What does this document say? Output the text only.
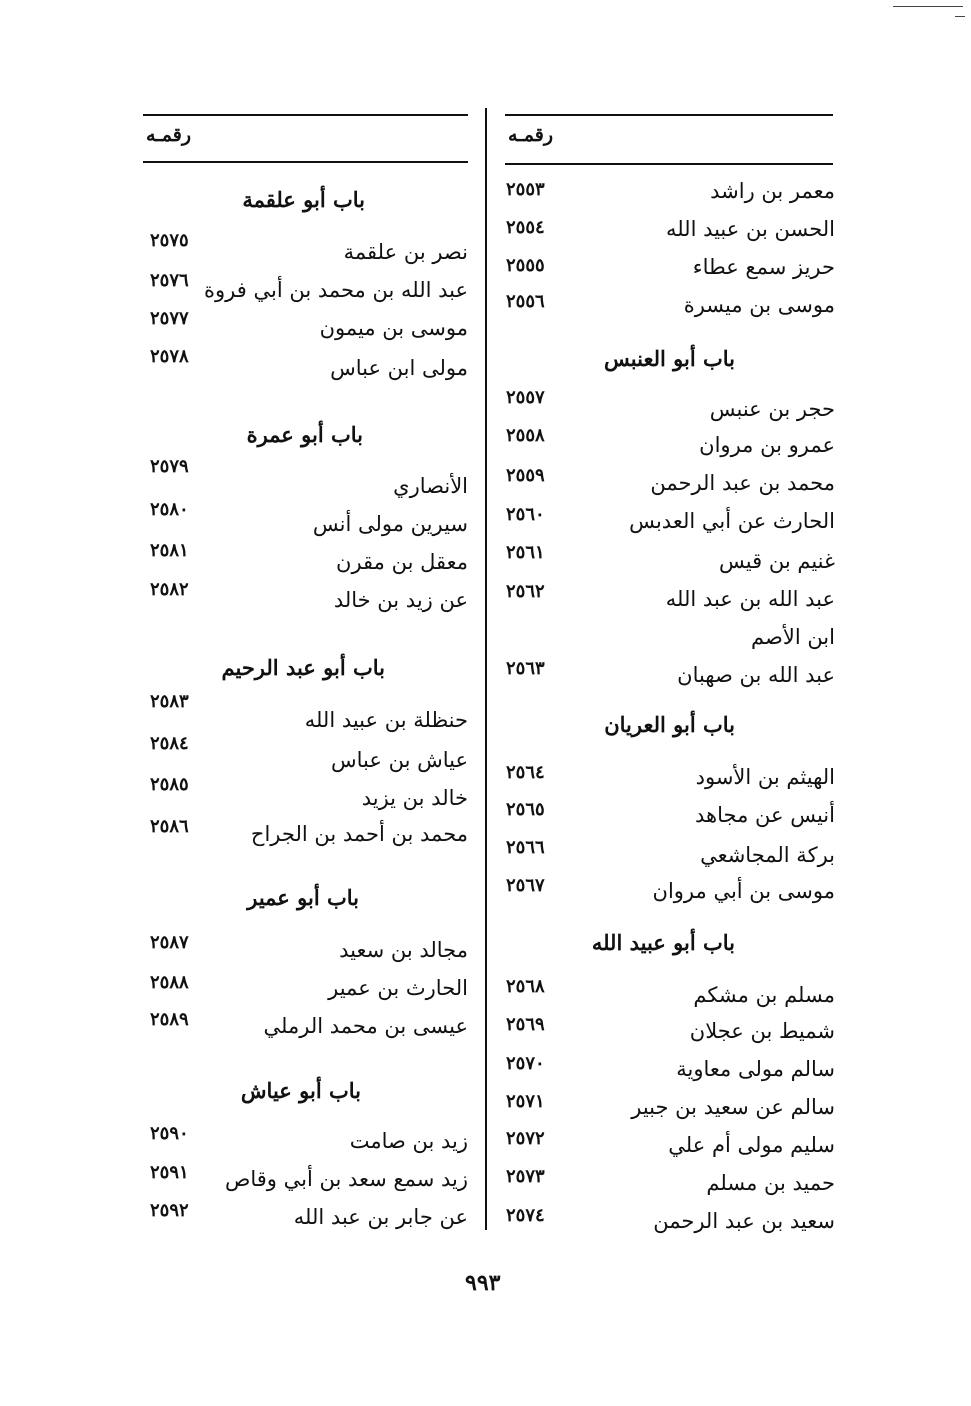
رقمـه
رقمـه
معمر بن راشد
٢٥٥٣
الحسن بن عبيد الله
٢٥٥٤
حريز سمع عطاء
٢٥٥٥
موسى بن ميسرة
٢٥٥٦
باب أبو العنبس
حجر بن عنبس
٢٥٥٧
عمرو بن مروان
٢٥٥٨
محمد بن عبد الرحمن
٢٥٥٩
الحارث عن أبي العدبس
٢٥٦٠
غنيم بن قيس
٢٥٦١
عبد الله بن عبد الله
٢٥٦٢
ابن الأصم
عبد الله بن صهبان
٢٥٦٣
باب أبو العريان
الهيثم بن الأسود
٢٥٦٤
أنيس عن مجاهد
٢٥٦٥
بركة المجاشعي
٢٥٦٦
موسى بن أبي مروان
٢٥٦٧
باب أبو عبيد الله
مسلم بن مشكم
٢٥٦٨
شميط بن عجلان
٢٥٦٩
سالم مولى معاوية
٢٥٧٠
سالم عن سعيد بن جبير
٢٥٧١
سليم مولى أم علي
٢٥٧٢
حميد بن مسلم
٢٥٧٣
سعيد بن عبد الرحمن
٢٥٧٤
باب أبو علقمة
نصر بن علقمة
٢٥٧٥
عبد الله بن محمد بن أبي فروة
٢٥٧٦
موسى بن ميمون
٢٥٧٧
مولى ابن عباس
٢٥٧٨
باب أبو عمرة
الأنصاري
٢٥٧٩
سيرين مولى أنس
٢٥٨٠
معقل بن مقرن
٢٥٨١
عن زيد بن خالد
٢٥٨٢
باب أبو عبد الرحيم
حنظلة بن عبيد الله
٢٥٨٣
عياش بن عباس
٢٥٨٤
خالد بن يزيد
٢٥٨٥
محمد بن أحمد بن الجراح
٢٥٨٦
باب أبو عمير
مجالد بن سعيد
٢٥٨٧
الحارث بن عمير
٢٥٨٨
عيسى بن محمد الرملي
٢٥٨٩
باب أبو عياش
زيد بن صامت
٢٥٩٠
زيد سمع سعد بن أبي وقاص
٢٥٩١
عن جابر بن عبد الله
٢٥٩٢
٩٩٣
